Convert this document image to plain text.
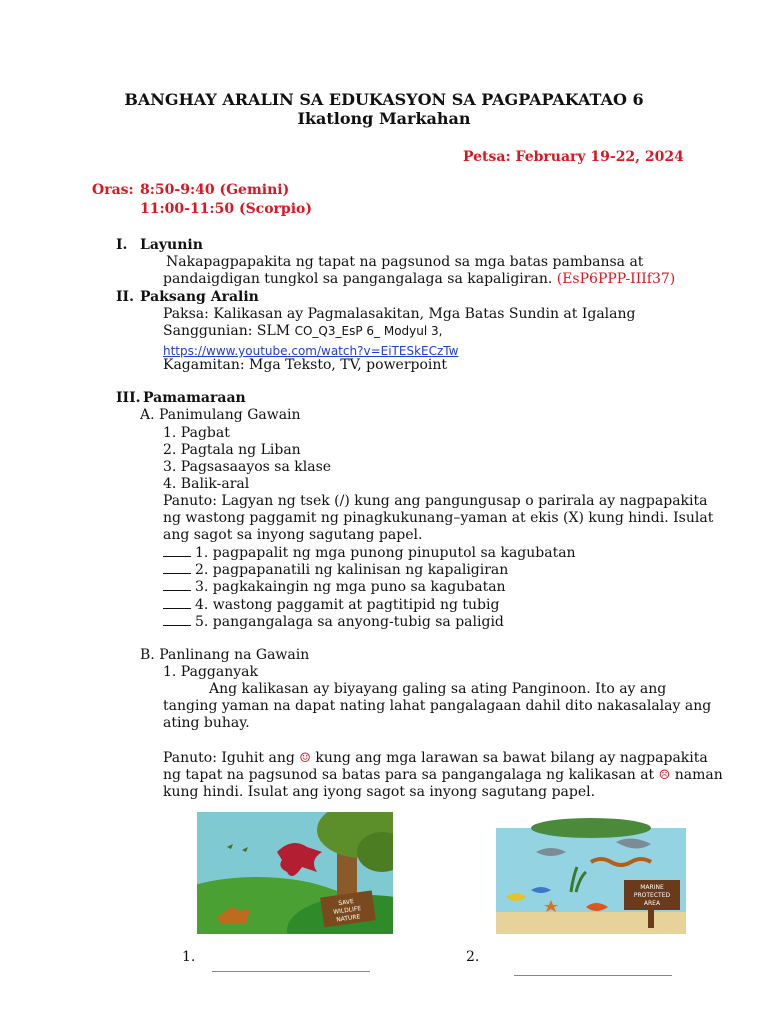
BANGHAY ARALIN SA EDUKASYON SA PAGPAPAKATAO 6
Ikatlong Markahan
Petsa: February 19-22, 2024
Oras: 8:50-9:40 (Gemini)
11:00-11:50 (Scorpio)
I. Layunin
Nakapagpapakita ng tapat na pagsunod sa mga batas pambansa at
pandaigdigan tungkol sa pangangalaga sa kapaligiran. (EsP6PPP-IIIf37)
II. Paksang Aralin
Paksa: Kalikasan ay Pagmalasakitan, Mga Batas Sundin at Igalang
Sanggunian: SLM CO_Q3_EsP 6_ Modyul 3,
https://www.youtube.com/watch?v=EiTESkECzTw
Kagamitan: Mga Teksto, TV, powerpoint
III. Pamamaraan
A. Panimulang Gawain
1. Pagbat
2. Pagtala ng Liban
3. Pagsasaayos sa klase
4. Balik-aral
Panuto: Lagyan ng tsek (/) kung ang pangungusap o parirala ay nagpapakita
ng wastong paggamit ng pinagkukunang–yaman at ekis (X) kung hindi. Isulat
ang sagot sa inyong sagutang papel.
1. pagpapalit ng mga punong pinuputol sa kagubatan
2. pagpapanatili ng kalinisan ng kapaligiran
3. pagkakaingin ng mga puno sa kagubatan
4. wastong paggamit at pagtitipid ng tubig
5. pangangalaga sa anyong-tubig sa paligid
B. Panlinang na Gawain
1. Pagganyak
Ang kalikasan ay biyayang galing sa ating Panginoon. Ito ay ang
tanging yaman na dapat nating lahat pangalagaan dahil dito nakasalalay ang
ating buhay.
Panuto: Iguhit ang ☺ kung ang mga larawan sa bawat bilang ay nagpapakita
ng tapat na pagsunod sa batas para sa pangangalaga ng kalikasan at ☹ naman
kung hindi. Isulat ang iyong sagot sa inyong sagutang papel.
SAVE
WILDLIFE
NATURE
MARINE
PROTECTED
AREA
1.	2.
